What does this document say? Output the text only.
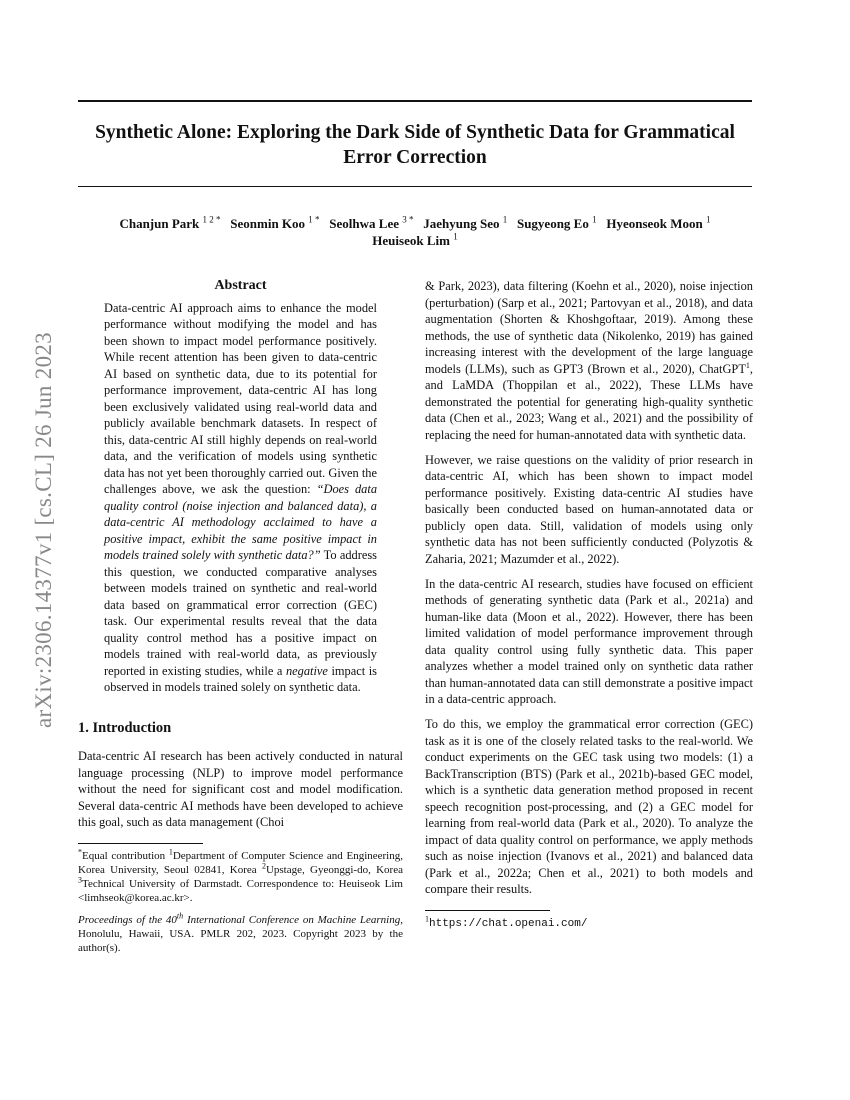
Synthetic Alone: Exploring the Dark Side of Synthetic Data for Grammatical Error Correction
Chanjun Park $^{1 2 *}$ Seonmin Koo $^{1 *}$ Seolhwa Lee $^{3 *}$ Jaehyung Seo $^1$ Sugyeong Eo $^1$ Hyeonseok Moon $^1$
Heuiseok Lim $^1$
arXiv:2306.14377v1 [cs.CL] 26 Jun 2023
Abstract

Data-centric AI approach aims to enhance the model performance without modifying the model and has been shown to impact model performance positively. While recent attention has been given to data-centric AI based on synthetic data, due to its potential for performance improvement, data-centric AI has long been exclusively validated using real-world data and publicly available benchmark datasets. In respect of this, data-centric AI still highly depends on real-world data, and the verification of models using synthetic data has not yet been thoroughly carried out. Given the challenges above, we ask the question: “Does data quality control (noise injection and balanced data), a data-centric AI methodology acclaimed to have a positive impact, exhibit the same positive impact in models trained solely with synthetic data?” To address this question, we conducted comparative analyses between models trained on synthetic and real-world data based on grammatical error correction (GEC) task. Our experimental results reveal that the data quality control method has a positive impact on models trained with real-world data, as previously reported in existing studies, while a negative impact is observed in models trained solely on synthetic data.

1. Introduction

Data-centric AI research has been actively conducted in natural language processing (NLP) to improve model performance without the need for significant cost and model modification. Several data-centric AI methods have been developed to achieve this goal, such as data management (Choi

*Equal contribution $^1$Department of Computer Science and Engineering, Korea University, Seoul 02841, Korea $^2$Upstage, Gyeonggi-do, Korea $^3$Technical University of Darmstadt. Correspondence to: Heuiseok Lim <limhseok@korea.ac.kr>.

Proceedings of the 40th International Conference on Machine Learning, Honolulu, Hawaii, USA. PMLR 202, 2023. Copyright 2023 by the author(s).

& Park, 2023), data filtering (Koehn et al., 2020), noise injection (perturbation) (Sarp et al., 2021; Partovyan et al., 2018), and data augmentation (Shorten & Khoshgoftaar, 2019). Among these methods, the use of synthetic data (Nikolenko, 2019) has gained increasing interest with the development of the large language models (LLMs), such as GPT3 (Brown et al., 2020), ChatGPT$^1$, and LaMDA (Thoppilan et al., 2022), These LLMs have demonstrated the potential for generating high-quality synthetic data (Chen et al., 2023; Wang et al., 2021) and the possibility of replacing the need for human-annotated data with synthetic data.

However, we raise questions on the validity of prior research in data-centric AI, which has been shown to impact model performance positively. Existing data-centric AI studies have basically been conducted based on human-annotated data or publicly open data. Still, validation of models using only synthetic data has not been sufficiently conducted (Polyzotis & Zaharia, 2021; Mazumder et al., 2022).

In the data-centric AI research, studies have focused on efficient methods of generating synthetic data (Park et al., 2021a) and human-like data (Moon et al., 2022). However, there has been limited validation of model performance improvement through data quality control using fully synthetic data. This paper analyzes whether a model trained only on synthetic data rather than human-annotated data can still demonstrate a positive impact in a data-centric approach.

To do this, we employ the grammatical error correction (GEC) task as it is one of the closely related tasks to the real-world. We conduct experiments on the GEC task using two models: (1) a BackTranscription (BTS) (Park et al., 2021b)-based GEC model, which is a synthetic data generation method proposed in recent speech recognition post-processing, and (2) a GEC model for learning from real-world data (Park et al., 2020). To analyze the impact of data quality control on performance, we apply methods such as noise injection (Ivanovs et al., 2021) and balanced data (Park et al., 2022a; Chen et al., 2021) to both models and compare their results.

$^1$https://chat.openai.com/
